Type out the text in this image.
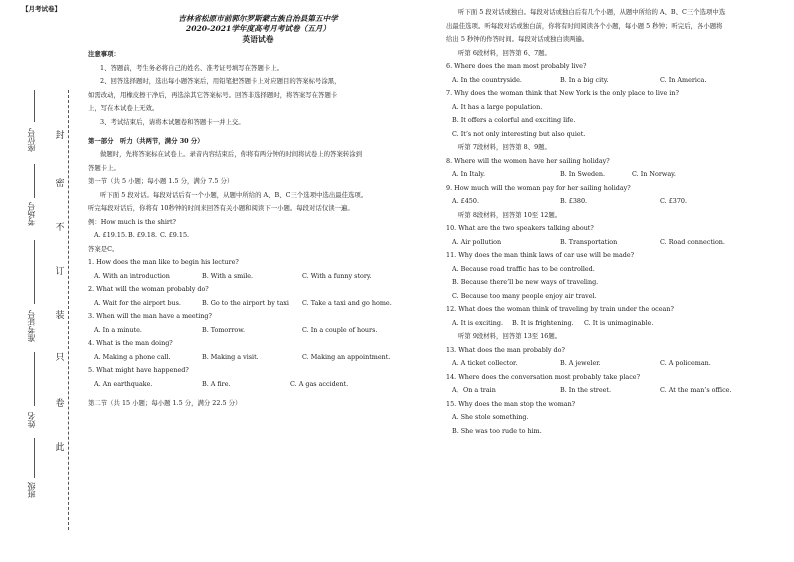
【月考试卷】
封
密
不
订
装
只
卷
此
座位号
考场号
准考证号
姓名
班级
吉林省松原市前郭尔罗斯蒙古族自治县第五中学
2020-2021学年度高考月考试卷（五月）
英语试卷
注意事项：
1、答题前，考生务必将自己的姓名、准考证号填写在答题卡上。
2、回答选择题时，选出每小题答案后，用铅笔把答题卡上对应题目的答案标号涂黑，
如需改动，用橡皮擦干净后，再选涂其它答案标号。回答非选择题时，将答案写在答题卡
上，写在本试卷上无效。
3、考试结束后，请将本试题卷和答题卡一并上交。
第一部分　听力（共两节，满分 30 分）
做题时，先将答案标在试卷上。录音内容结束后，你将有两分钟的时间将试卷上的答案转涂到
答题卡上。
第一节（共 5 小题；每小题 1.5 分，满分 7.5 分）
听下面 5 段对话。每段对话后有一个小题，从题中所给的 A、B、C三个选项中选出最佳选项。
听完每段对话后，你将有 10秒钟的时间来回答有关小题和阅读下一小题。每段对话仅读一遍。
例：How much is the shirt?
A. £19.15. B. £9.18. C. £9.15.
答案是C。
1. How does the man like to begin his lecture?
A. With an introduction	B. With a smile.	C. With a funny story.
2. What will the woman probably do?
A. Wait for the airport bus.	B. Go to the airport by taxi	C. Take a taxi and go home.
3. When will the man have a meeting?
A. In a minute.	B. Tomorrow.	C. In a couple of hours.
4. What is the man doing?
A. Making a phone call.	B. Making a visit.	C. Making an appointment.
5. What might have happened?
A. An earthquake.	B. A fire.	C. A gas accident.
第二节（共 15 小题；每小题 1.5 分，满分 22.5 分）
听下面 5 段对话或独白。每段对话或独白后有几个小题，从题中所给的 A、B、C三个选项中选
出最佳选项。听每段对话或独白前，你将有时间阅读各个小题，每小题 5 秒钟；听完后，各小题将
给出 5 秒钟的作答时间。每段对话或独白读两遍。
听第 6段材料，回答第 6、7题。
6. Where does the man most probably live?
A. In the countryside.	B. In a big city.	C. In America.
7. Why does the woman think that New York is the only place to live in?
A. It has a large population.
B. It offers a colorful and exciting life.
C. It’s not only interesting but also quiet.
听第 7段材料，回答第 8、9题。
8. Where will the women have her sailing holiday?
A. In Italy.	B. In Sweden.	C. In Norway.
9. How much will the woman pay for her sailing holiday?
A. £450.	B. £380.	C. £370.
听第 8段材料，回答第 10至 12题。
10. What are the two speakers talking about?
A. Air pollution	B. Transportation	C. Road connection.
11. Why does the man think laws of car use will be made?
A. Because road traffic has to be controlled.
B. Because there’ll be new ways of traveling.
C. Because too many people enjoy air travel.
12. What does the woman think of traveling by train under the ocean?
A. It is exciting.	B. It is frightening.	C. It is unimaginable.
听第 9段材料，回答第 13至 16题。
13. What does the man probably do?
A. A ticket collector.	B. A jeweler.	C. A policeman.
14. Where does the conversation most probably take place?
A．On a train	B. In the street.	C. At the man’s office.
15. Why does the man stop the woman?
A. She stole something.
B. She was too rude to him.
